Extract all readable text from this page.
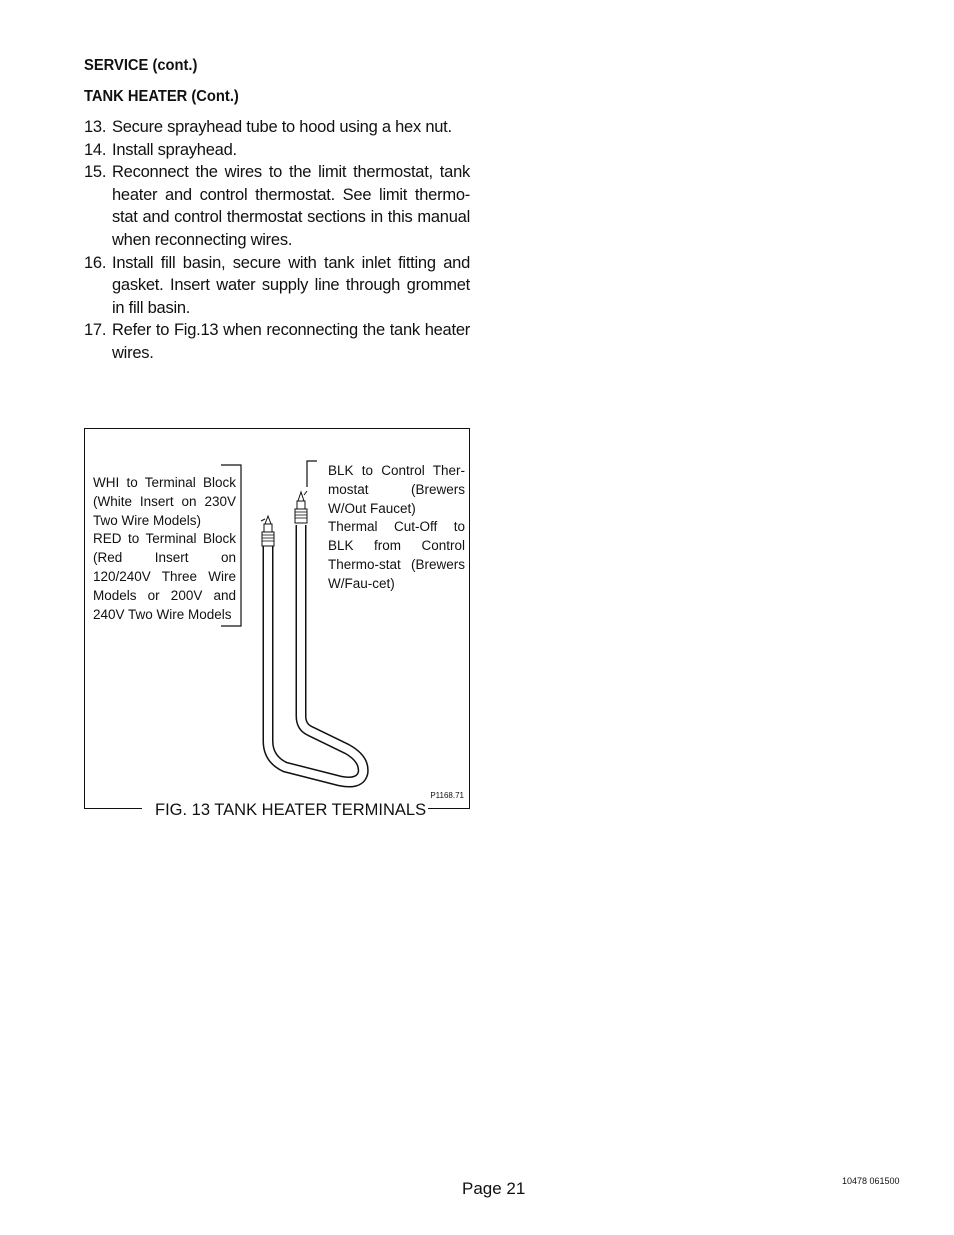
SERVICE (cont.)
TANK HEATER (Cont.)
13. Secure sprayhead tube to hood using a hex nut.
14. Install sprayhead.
15. Reconnect the wires to the limit thermostat, tank heater and control thermostat. See limit thermo-stat and control thermostat sections in this manual when reconnecting wires.
16. Install fill basin, secure with tank inlet fitting and gasket. Insert water supply line through grommet in fill basin.
17. Refer to Fig.13 when reconnecting the tank heater wires.
WHI to Terminal Block (White Insert on 230V Two Wire Models)
RED to Terminal Block (Red Insert on 120/240V Three Wire Models or 200V and 240V Two Wire Models
BLK to Control Ther-mostat (Brewers W/Out Faucet)
Thermal Cut-Off to BLK from Control Thermo-stat (Brewers W/Fau-cet)
P1168.71
FIG. 13 TANK HEATER TERMINALS
Page 21	10478 061500
